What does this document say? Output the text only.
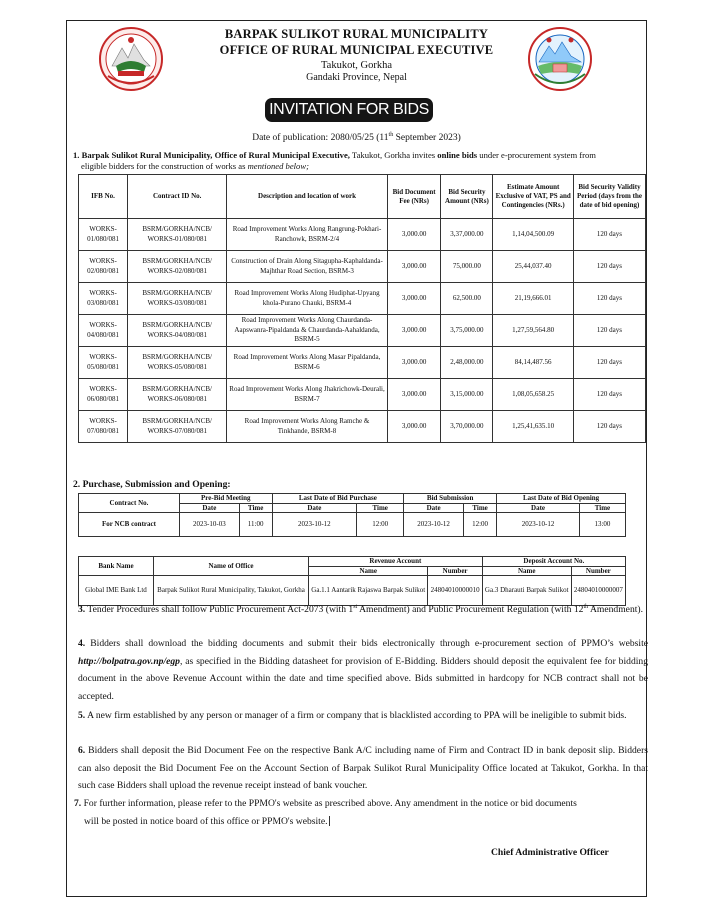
BARPAK SULIKOT RURAL MUNICIPALITY
OFFICE OF RURAL MUNICIPAL EXECUTIVE
Takukot, Gorkha
Gandaki Province, Nepal
INVITATION FOR BIDS
Date of publication: 2080/05/25 (11th September 2023)
1. Barpak Sulikot Rural Municipality, Office of Rural Municipal Executive, Takukot, Gorkha invites online bids under e-procurement system from
eligible bidders for the construction of works as mentioned below;
IFB No.	Contract ID No.	Description and location of work	Bid Document Fee (NRs)	Bid Security Amount (NRs)	Estimate Amount Exclusive of VAT, PS and Contingencies (NRs.)	Bid Security Validity Period (days from the date of bid opening)
WORKS-01/080/081	BSRM/GORKHA/NCB/ WORKS-01/080/081	Road Improvement Works Along Rangrung-Pokhari-Ranchowk, BSRM-2/4	3,000.00	3,37,000.00	1,14,04,500.09	120 days
WORKS-02/080/081	BSRM/GORKHA/NCB/ WORKS-02/080/081	Construction of Drain Along Sitagupha-Kaphaldanda-Majhthar Road Section, BSRM-3	3,000.00	75,000.00	25,44,037.40	120 days
WORKS-03/080/081	BSRM/GORKHA/NCB/ WORKS-03/080/081	Road Improvement Works Along Hudiphat-Upyang khola-Purano Chauki, BSRM-4	3,000.00	62,500.00	21,19,666.01	120 days
WORKS-04/080/081	BSRM/GORKHA/NCB/ WORKS-04/080/081	Road Improvement Works Along Chaurdanda-Aapswanra-Pipaldanda & Chaurdanda-Aahaldanda, BSRM-5	3,000.00	3,75,000.00	1,27,59,564.80	120 days
WORKS-05/080/081	BSRM/GORKHA/NCB/ WORKS-05/080/081	Road Improvement Works Along Masar Pipaldanda, BSRM-6	3,000.00	2,48,000.00	84,14,487.56	120 days
WORKS-06/080/081	BSRM/GORKHA/NCB/ WORKS-06/080/081	Road Improvement Works Along Jhakrichowk-Deurali, BSRM-7	3,000.00	3,15,000.00	1,08,05,658.25	120 days
WORKS-07/080/081	BSRM/GORKHA/NCB/ WORKS-07/080/081	Road Improvement Works Along Ramche & Tinkhande, BSRM-8	3,000.00	3,70,000.00	1,25,41,635.10	120 days
2. Purchase, Submission and Opening:
Contract No.	Pre-Bid Meeting		Last Date of Bid Purchase		Bid Submission		Last Date of Bid Opening	
	Date	Time	Date	Time	Date	Time	Date	Time
For NCB contract	2023-10-03	11:00	2023-10-12	12:00	2023-10-12	12:00	2023-10-12	13:00
Bank Name	Name of Office	Revenue Account		Deposit Account No.	
		Name	Number	Name	Number
Global IME Bank Ltd	Barpak Sulikot Rural Municipality, Takukot, Gorkha	Ga.1.1 Aantarik Rajaswa Barpak Sulikot	24804010000010	Ga.3 Dharauti Barpak Sulikot	24804010000007
3. Tender Procedures shall follow Public Procurement Act-2073 (with 1st Amendment) and Public Procurement Regulation (with 12th Amendment).
4. Bidders shall download the bidding documents and submit their bids electronically through e-procurement section of PPMO’s website http://bolpatra.gov.np/egp, as specified in the Bidding datasheet for provision of E-Bidding. Bidders should deposit the equivalent fee for bidding document in the above Revenue Account within the date and time specified above. Bids submitted in hardcopy for NCB contract shall not be accepted.
5. A new firm established by any person or manager of a firm or company that is blacklisted according to PPA will be ineligible to submit bids.
6. Bidders shall deposit the Bid Document Fee on the respective Bank A/C including name of Firm and Contract ID in bank deposit slip. Bidders can also deposit the Bid Document Fee on the Account Section of Barpak Sulikot Rural Municipality Office located at Takukot, Gorkha. In that such case Bidders shall upload the revenue receipt instead of bank voucher.
7. For further information, please refer to the PPMO's website as prescribed above. Any amendment in the notice or bid documents
will be posted in notice board of this office or PPMO's website.
Chief Administrative Officer
